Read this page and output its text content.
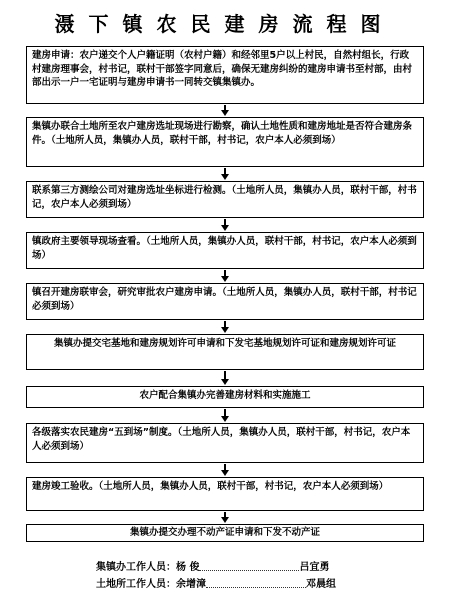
滠下镇农民建房流程图
建房申请：农户递交个人户籍证明（农村户籍）和经邻里5户以上村民，自然村组长，行政村建房理事会，村书记，联村干部签字同意后，确保无建房纠纷的建房申请书至村部，由村部出示一户一宅证明与建房申请书一同转交镇集镇办。
集镇办联合土地所至农户建房选址现场进行勘察，确认土地性质和建房地址是否符合建房条件。（土地所人员，集镇办人员，联村干部，村书记，农户本人必须到场）
联系第三方测绘公司对建房选址坐标进行检测。（土地所人员，集镇办人员，联村干部，村书记，农户本人必须到场）
镇政府主要领导现场查看。（土地所人员，集镇办人员，联村干部，村书记，农户本人必须到场）
镇召开建房联审会，研究审批农户建房申请。（土地所人员，集镇办人员，联村干部，村书记必须到场）
集镇办提交宅基地和建房规划许可申请和下发宅基地规划许可证和建房规划许可证
农户配合集镇办完善建房材料和实施施工
各级落实农民建房“五到场”制度。（土地所人员，集镇办人员，联村干部，村书记，农户本人必须到场）
建房竣工验收。（土地所人员，集镇办人员，联村干部，村书记，农户本人必须到场）
集镇办提交办理不动产证申请和下发不动产证
集镇办工作人员：杨 俊	吕宜勇
土地所工作人员：余增漳	邓晨组
